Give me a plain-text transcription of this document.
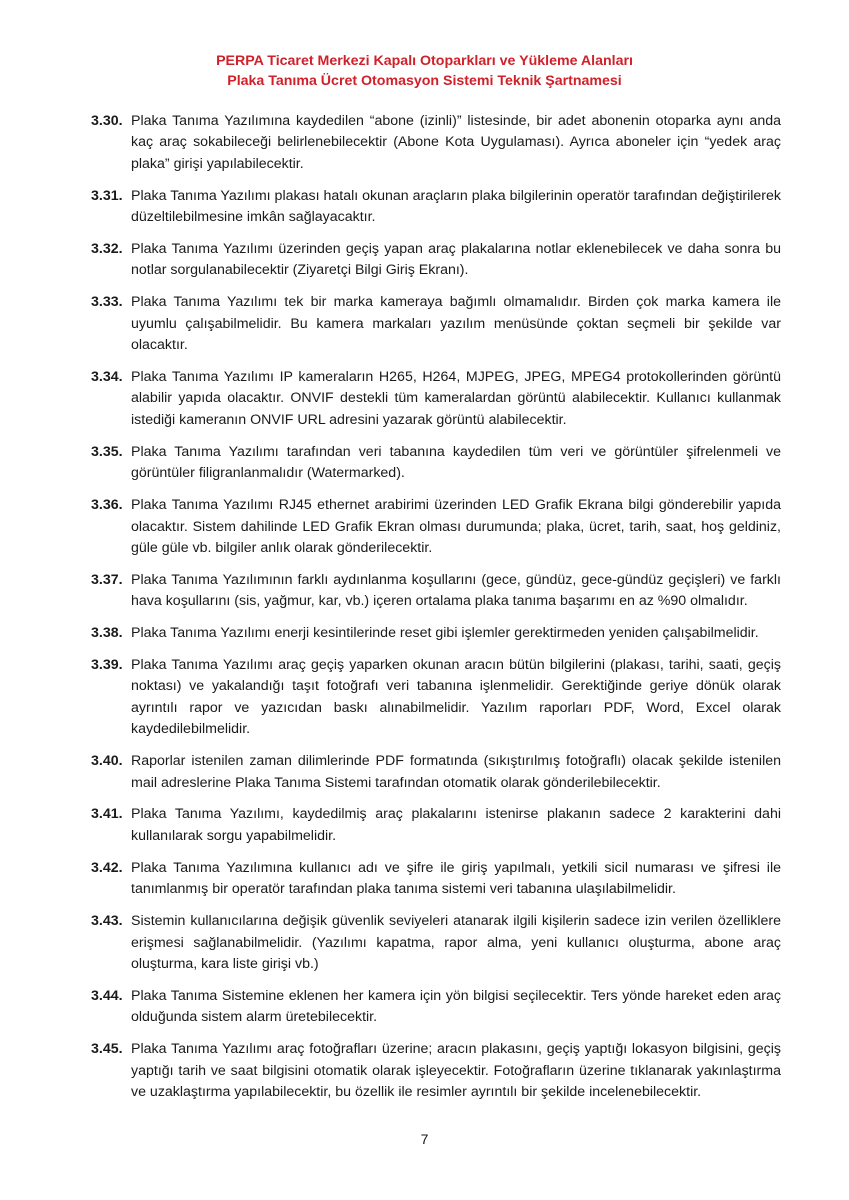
PERPA Ticaret Merkezi Kapalı Otoparkları ve Yükleme Alanları
Plaka Tanıma Ücret Otomasyon Sistemi Teknik Şartnamesi
3.30. Plaka Tanıma Yazılımına kaydedilen “abone (izinli)” listesinde, bir adet abonenin otoparka aynı anda kaç araç sokabileceği belirlenebilecektir (Abone Kota Uygulaması). Ayrıca aboneler için “yedek araç plaka” girişi yapılabilecektir.
3.31. Plaka Tanıma Yazılımı plakası hatalı okunan araçların plaka bilgilerinin operatör tarafından değiştirilerek düzeltilebilmesine imkân sağlayacaktır.
3.32. Plaka Tanıma Yazılımı üzerinden geçiş yapan araç plakalarına notlar eklenebilecek ve daha sonra bu notlar sorgulanabilecektir (Ziyaretçi Bilgi Giriş Ekranı).
3.33. Plaka Tanıma Yazılımı tek bir marka kameraya bağımlı olmamalıdır. Birden çok marka kamera ile uyumlu çalışabilmelidir. Bu kamera markaları yazılım menüsünde çoktan seçmeli bir şekilde var olacaktır.
3.34. Plaka Tanıma Yazılımı IP kameraların H265, H264, MJPEG, JPEG, MPEG4 protokollerinden görüntü alabilir yapıda olacaktır. ONVIF destekli tüm kameralardan görüntü alabilecektir. Kullanıcı kullanmak istediği kameranın ONVIF URL adresini yazarak görüntü alabilecektir.
3.35. Plaka Tanıma Yazılımı tarafından veri tabanına kaydedilen tüm veri ve görüntüler şifrelenmeli ve görüntüler filigranlanmalıdır (Watermarked).
3.36. Plaka Tanıma Yazılımı RJ45 ethernet arabirimi üzerinden LED Grafik Ekrana bilgi gönderebilir yapıda olacaktır. Sistem dahilinde LED Grafik Ekran olması durumunda; plaka, ücret, tarih, saat, hoş geldiniz, güle güle vb. bilgiler anlık olarak gönderilecektir.
3.37. Plaka Tanıma Yazılımının farklı aydınlanma koşullarını (gece, gündüz, gece-gündüz geçişleri) ve farklı hava koşullarını (sis, yağmur, kar, vb.) içeren ortalama plaka tanıma başarımı en az %90 olmalıdır.
3.38. Plaka Tanıma Yazılımı enerji kesintilerinde reset gibi işlemler gerektirmeden yeniden çalışabilmelidir.
3.39. Plaka Tanıma Yazılımı araç geçiş yaparken okunan aracın bütün bilgilerini (plakası, tarihi, saati, geçiş noktası) ve yakalandığı taşıt fotoğrafı veri tabanına işlenmelidir. Gerektiğinde geriye dönük olarak ayrıntılı rapor ve yazıcıdan baskı alınabilmelidir. Yazılım raporları PDF, Word, Excel olarak kaydedilebilmelidir.
3.40. Raporlar istenilen zaman dilimlerinde PDF formatında (sıkıştırılmış fotoğraflı) olacak şekilde istenilen mail adreslerine Plaka Tanıma Sistemi tarafından otomatik olarak gönderilebilecektir.
3.41. Plaka Tanıma Yazılımı, kaydedilmiş araç plakalarını istenirse plakanın sadece 2 karakterini dahi kullanılarak sorgu yapabilmelidir.
3.42. Plaka Tanıma Yazılımına kullanıcı adı ve şifre ile giriş yapılmalı, yetkili sicil numarası ve şifresi ile tanımlanmış bir operatör tarafından plaka tanıma sistemi veri tabanına ulaşılabilmelidir.
3.43. Sistemin kullanıcılarına değişik güvenlik seviyeleri atanarak ilgili kişilerin sadece izin verilen özelliklere erişmesi sağlanabilmelidir. (Yazılımı kapatma, rapor alma, yeni kullanıcı oluşturma, abone araç oluşturma, kara liste girişi vb.)
3.44. Plaka Tanıma Sistemine eklenen her kamera için yön bilgisi seçilecektir. Ters yönde hareket eden araç olduğunda sistem alarm üretebilecektir.
3.45. Plaka Tanıma Yazılımı araç fotoğrafları üzerine; aracın plakasını, geçiş yaptığı lokasyon bilgisini, geçiş yaptığı tarih ve saat bilgisini otomatik olarak işleyecektir. Fotoğrafların üzerine tıklanarak yakınlaştırma ve uzaklaştırma yapılabilecektir, bu özellik ile resimler ayrıntılı bir şekilde incelenebilecektir.
7
